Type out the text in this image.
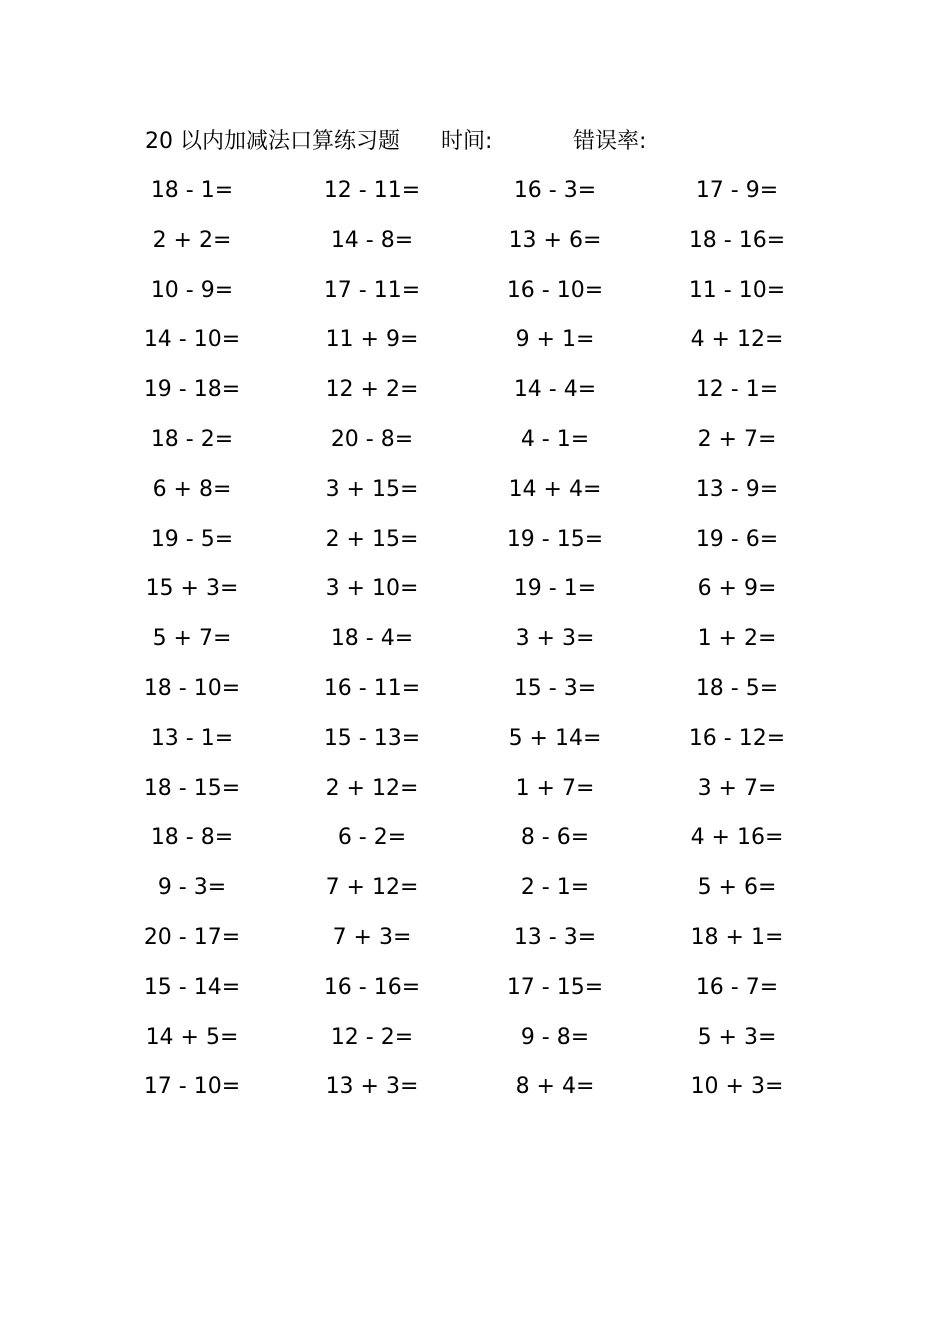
20 以内加减法口算练习题 时间:	错误率:
18 - 1=	12 - 11=	16 - 3=	17 - 9=
2 + 2=	14 - 8=	13 + 6=	18 - 16=
10 - 9=	17 - 11=	16 - 10=	11 - 10=
14 - 10=	11 + 9=	9 + 1=	4 + 12=
19 - 18=	12 + 2=	14 - 4=	12 - 1=
18 - 2=	20 - 8=	4 - 1=	2 + 7=
6 + 8=	3 + 15=	14 + 4=	13 - 9=
19 - 5=	2 + 15=	19 - 15=	19 - 6=
15 + 3=	3 + 10=	19 - 1=	6 + 9=
5 + 7=	18 - 4=	3 + 3=	1 + 2=
18 - 10=	16 - 11=	15 - 3=	18 - 5=
13 - 1=	15 - 13=	5 + 14=	16 - 12=
18 - 15=	2 + 12=	1 + 7=	3 + 7=
18 - 8=	6 - 2=	8 - 6=	4 + 16=
9 - 3=	7 + 12=	2 - 1=	5 + 6=
20 - 17=	7 + 3=	13 - 3=	18 + 1=
15 - 14=	16 - 16=	17 - 15=	16 - 7=
14 + 5=	12 - 2=	9 - 8=	5 + 3=
17 - 10=	13 + 3=	8 + 4=	10 + 3=
